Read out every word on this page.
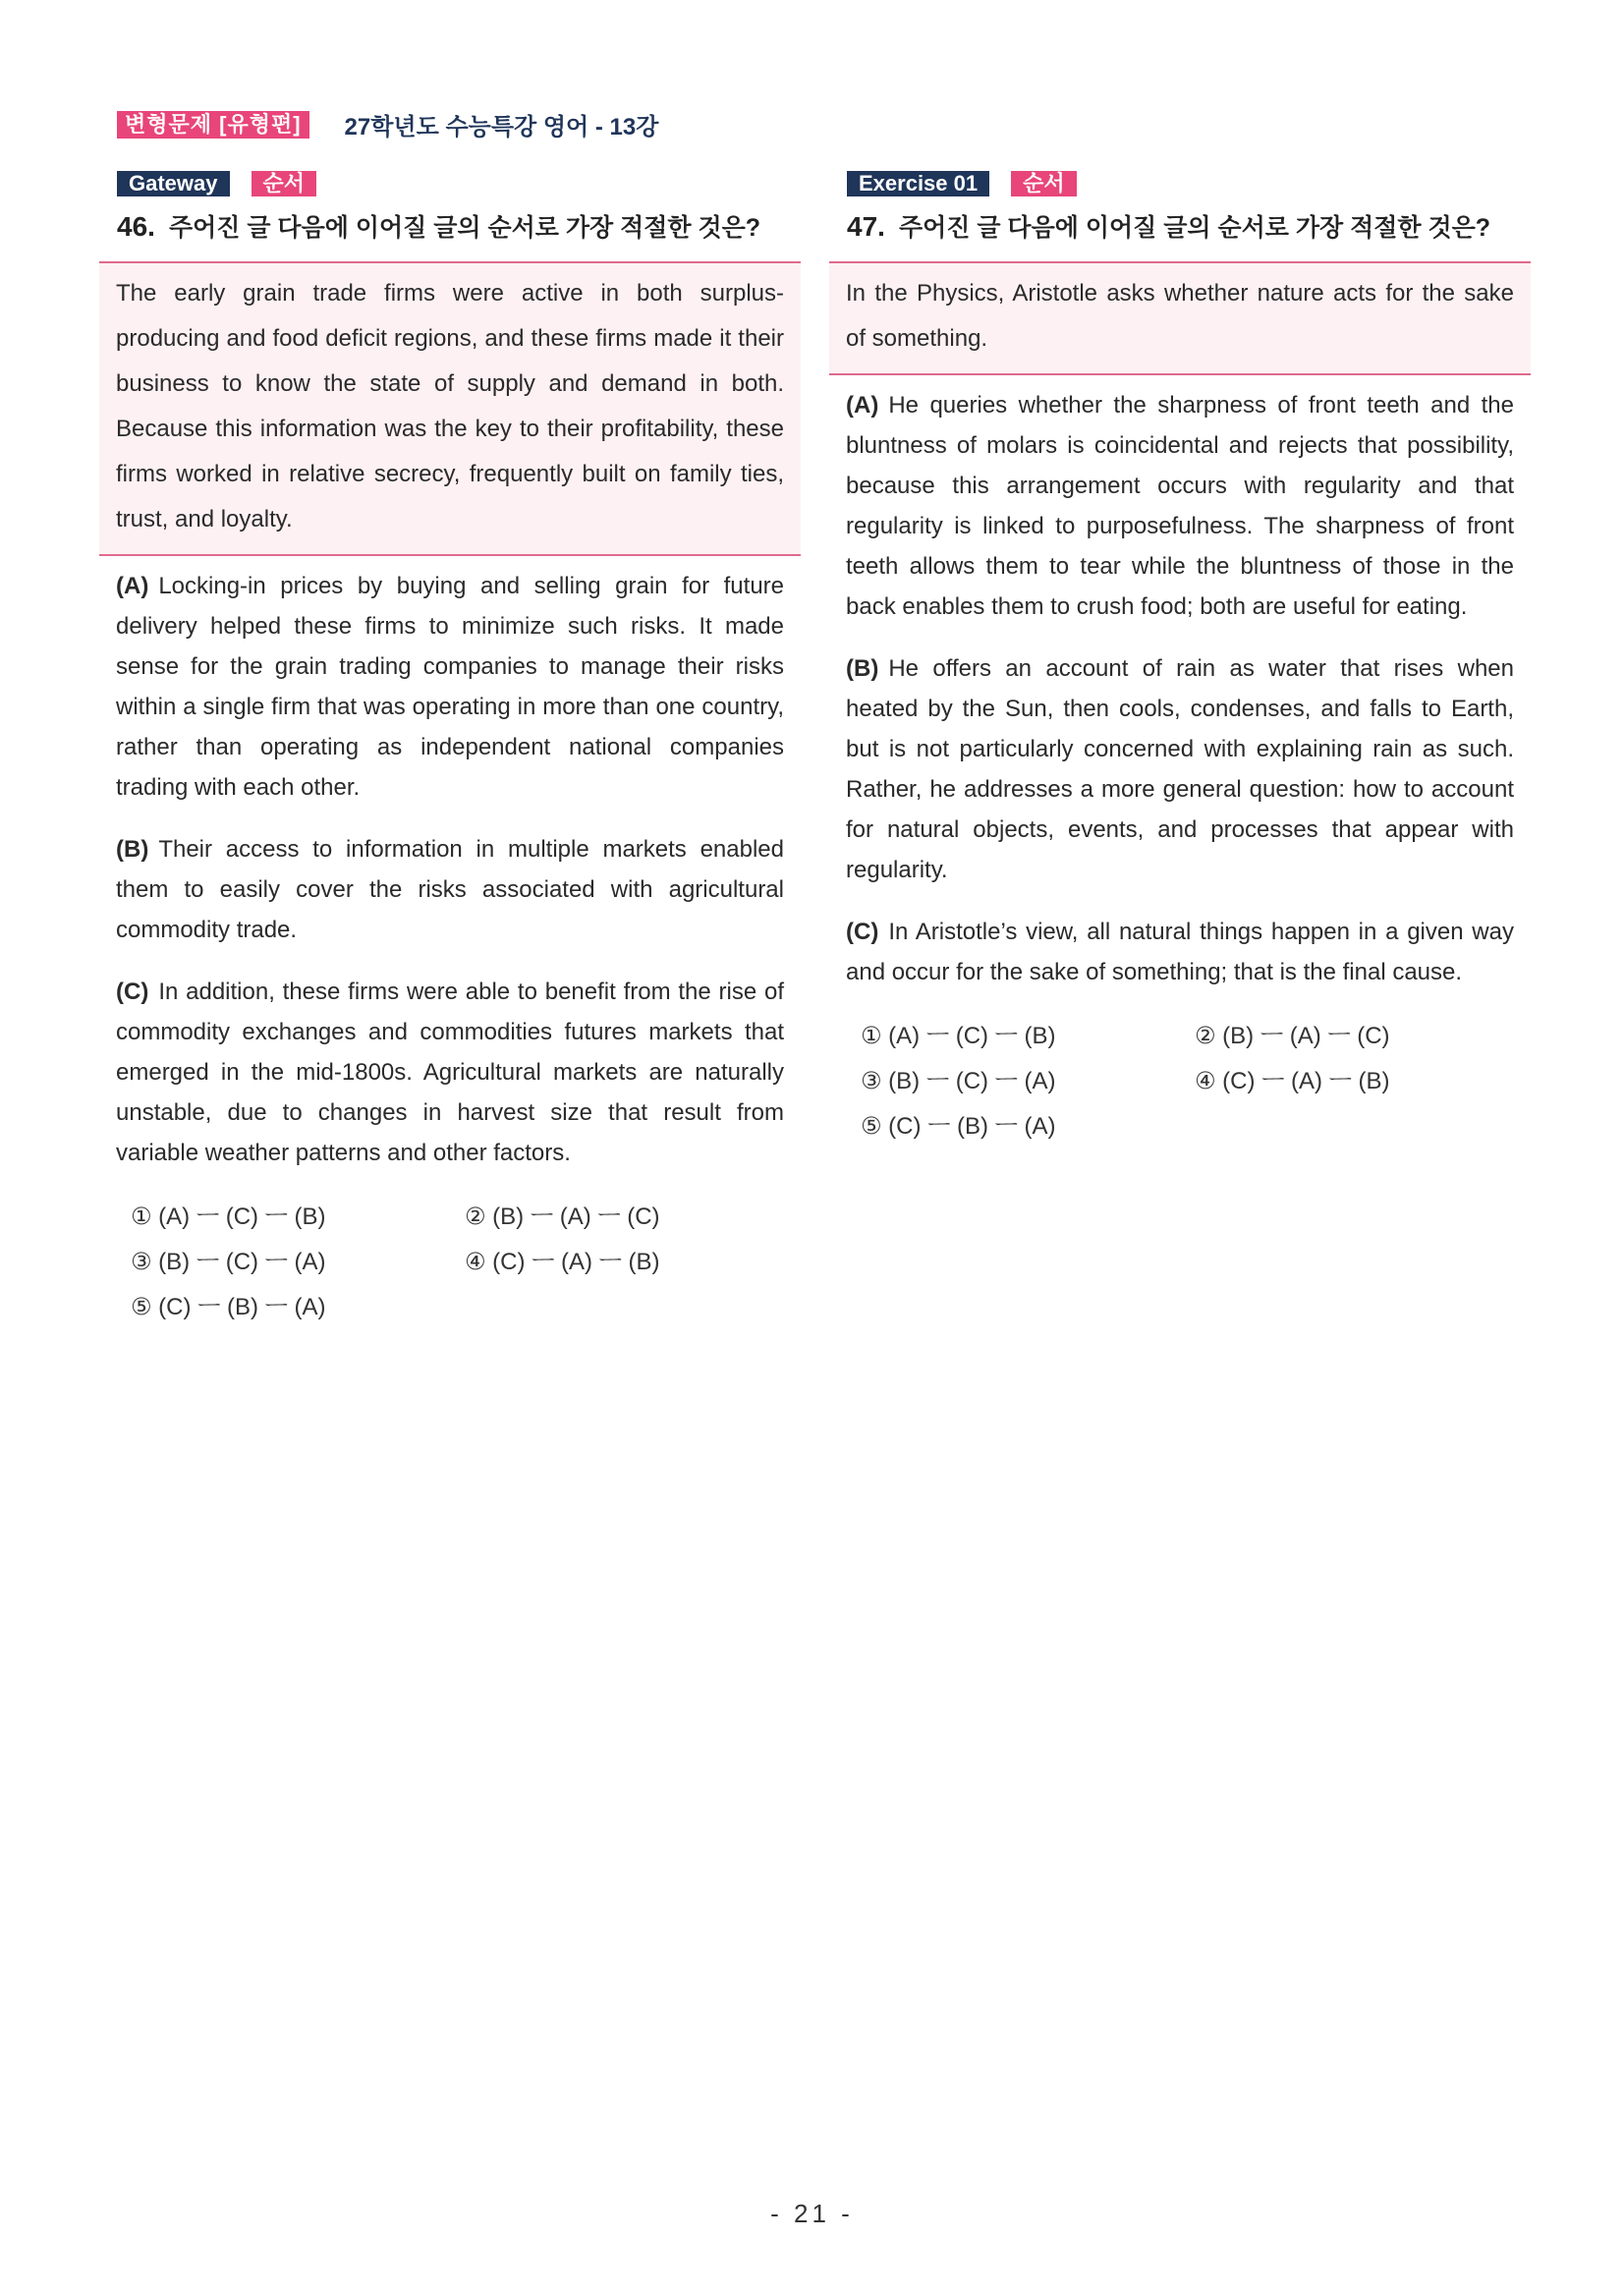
변형문제 [유형편]	27학년도 수능특강 영어 - 13강
Gateway	순서
46. 주어진 글 다음에 이어질 글의 순서로 가장 적절한 것은?
The early grain trade firms were active in both surplus-producing and food deficit regions, and these firms made it their business to know the state of supply and demand in both. Because this information was the key to their profitability, these firms worked in relative secrecy, frequently built on family ties, trust, and loyalty.
(A) Locking-in prices by buying and selling grain for future delivery helped these firms to minimize such risks. It made sense for the grain trading companies to manage their risks within a single firm that was operating in more than one country, rather than operating as independent national companies trading with each other.
(B) Their access to information in multiple markets enabled them to easily cover the risks associated with agricultural commodity trade.
(C) In addition, these firms were able to benefit from the rise of commodity exchanges and commodities futures markets that emerged in the mid-1800s. Agricultural markets are naturally unstable, due to changes in harvest size that result from variable weather patterns and other factors.
① (A) ㅡ (C) ㅡ (B)	② (B) ㅡ (A) ㅡ (C)
③ (B) ㅡ (C) ㅡ (A)	④ (C) ㅡ (A) ㅡ (B)
⑤ (C) ㅡ (B) ㅡ (A)
Exercise 01	순서
47. 주어진 글 다음에 이어질 글의 순서로 가장 적절한 것은?
In the Physics, Aristotle asks whether nature acts for the sake of something.
(A) He queries whether the sharpness of front teeth and the bluntness of molars is coincidental and rejects that possibility, because this arrangement occurs with regularity and that regularity is linked to purposefulness. The sharpness of front teeth allows them to tear while the bluntness of those in the back enables them to crush food; both are useful for eating.
(B) He offers an account of rain as water that rises when heated by the Sun, then cools, condenses, and falls to Earth, but is not particularly concerned with explaining rain as such. Rather, he addresses a more general question: how to account for natural objects, events, and processes that appear with regularity.
(C) In Aristotle’s view, all natural things happen in a given way and occur for the sake of something; that is the final cause.
① (A) ㅡ (C) ㅡ (B)	② (B) ㅡ (A) ㅡ (C)
③ (B) ㅡ (C) ㅡ (A)	④ (C) ㅡ (A) ㅡ (B)
⑤ (C) ㅡ (B) ㅡ (A)
- 21 -
